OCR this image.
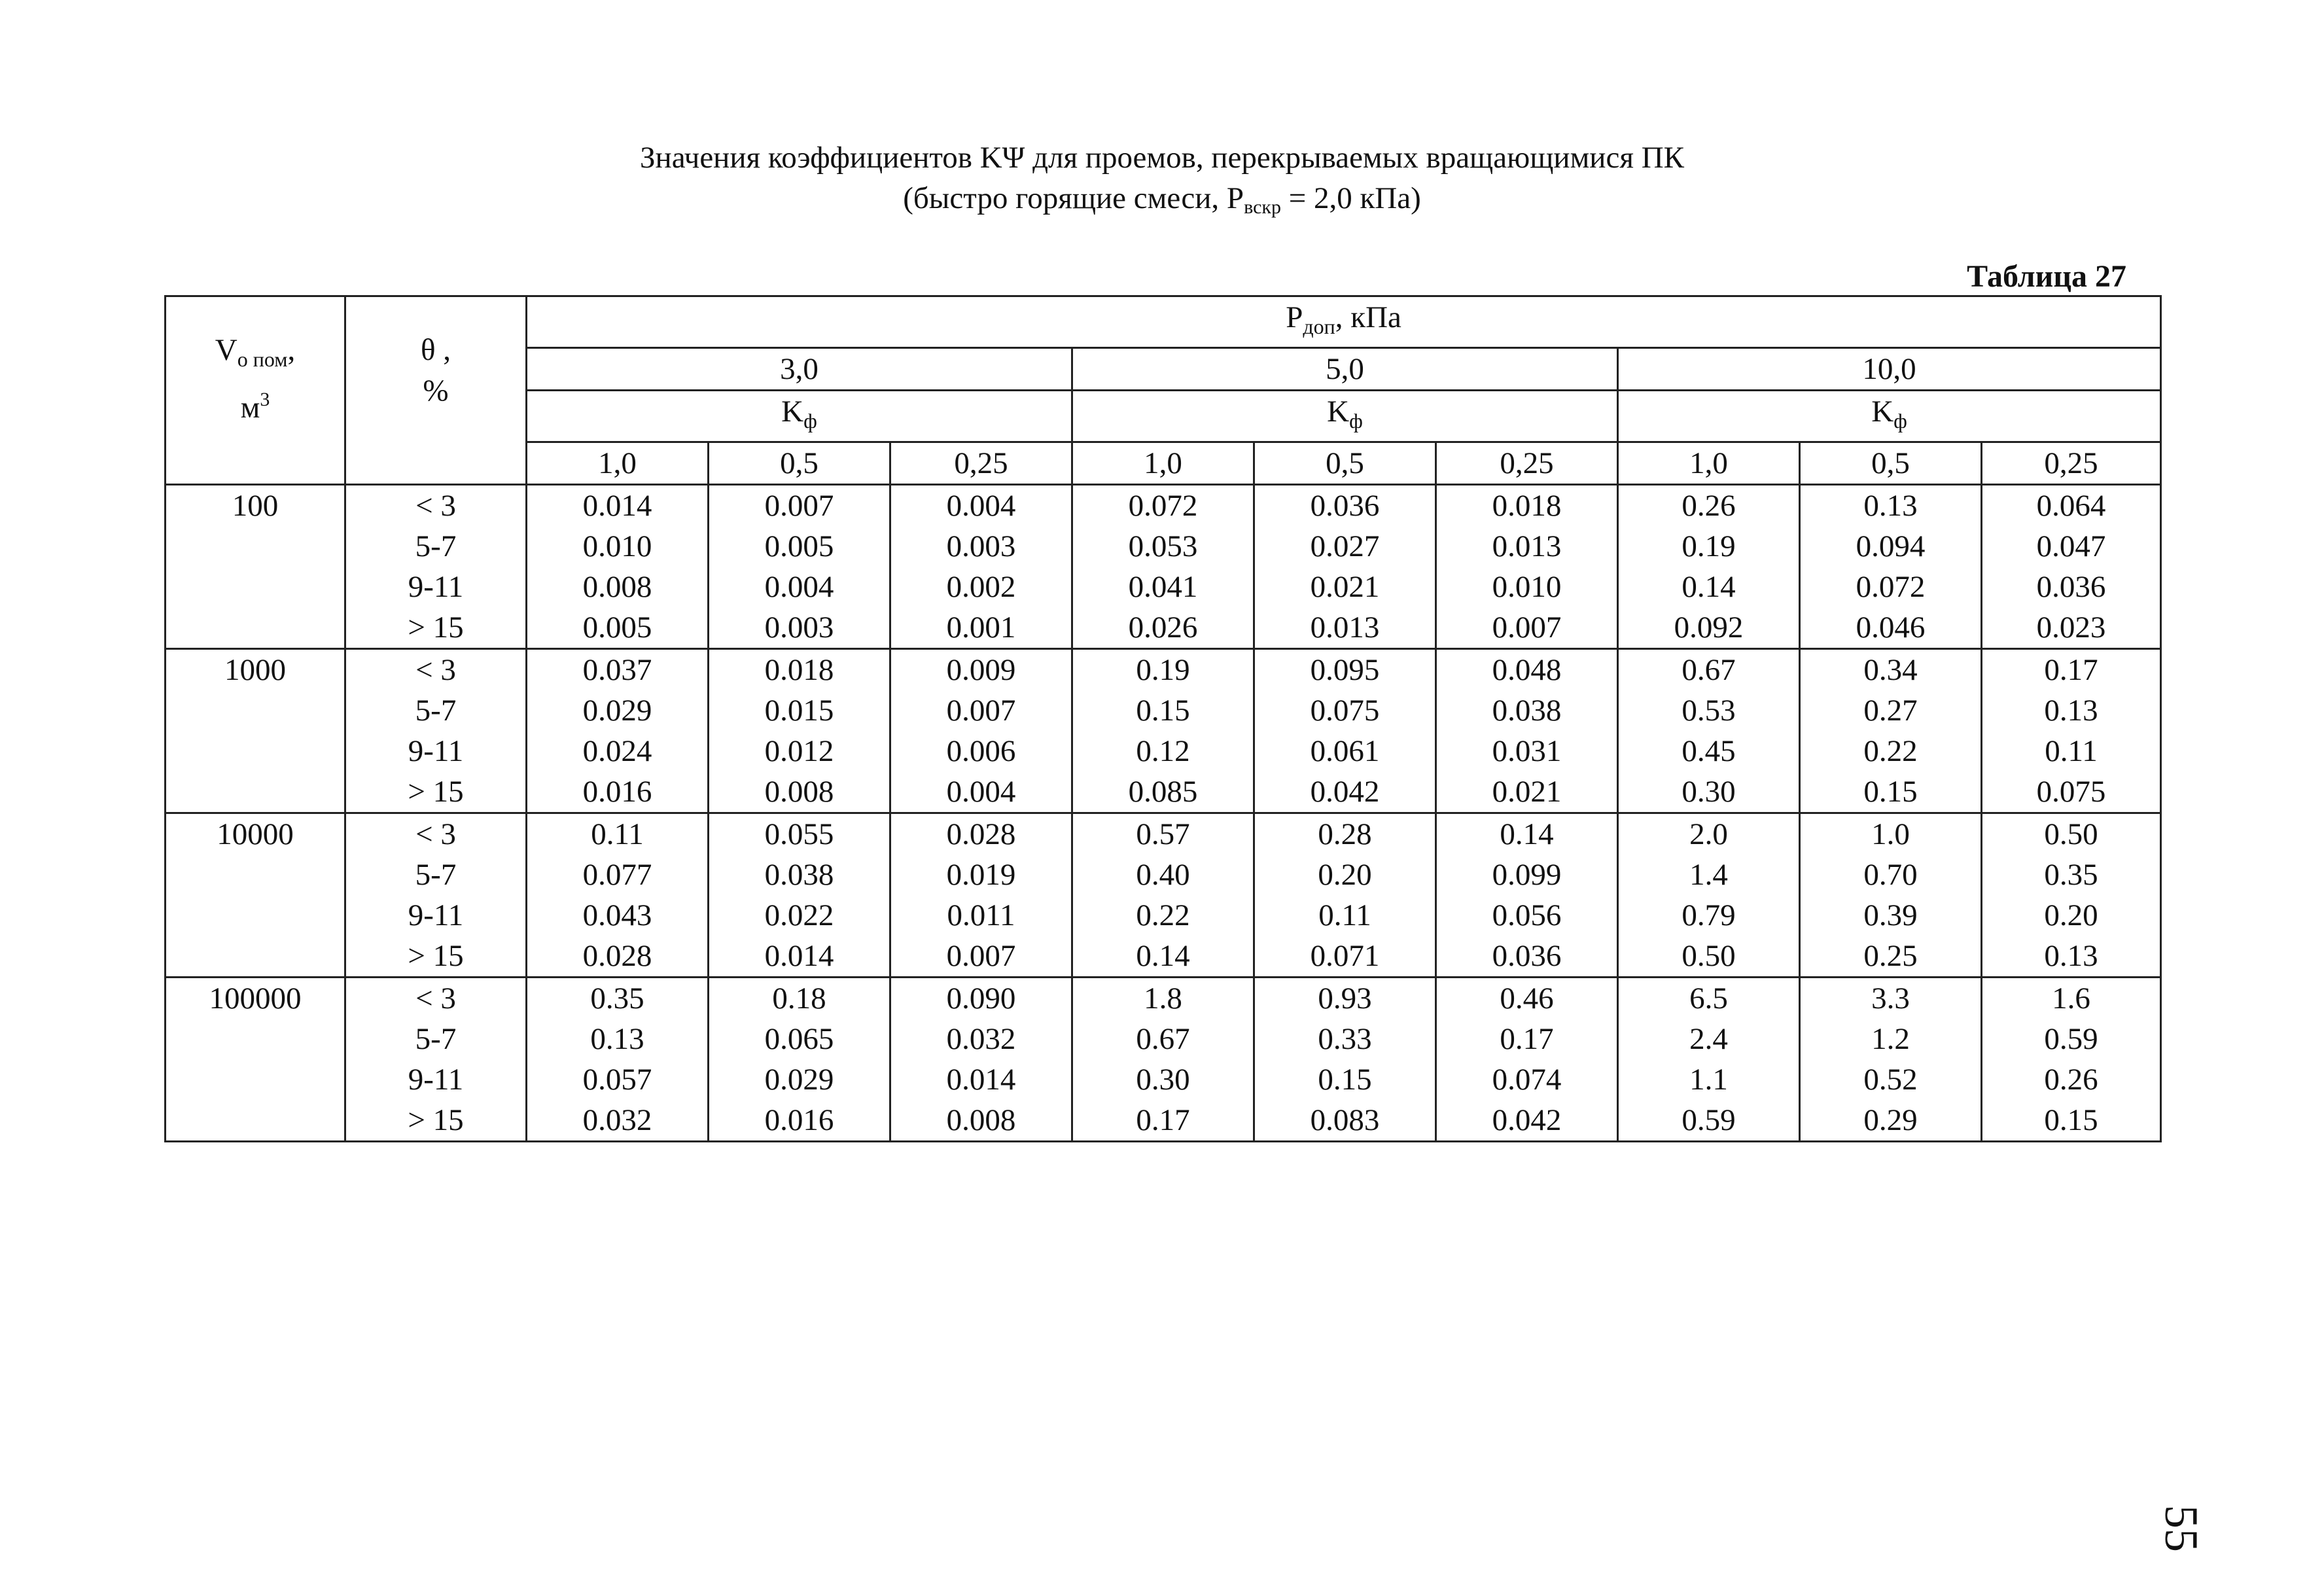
Значения коэффициентов KΨ для проемов, перекрываемых вращающимися ПК
(быстро горящие смеси, Pвскр = 2,0 кПа)
Таблица 27
$V_{о пом}$,
$м^3$	θ ,
%	$P_{доп}$, кПа								
		3,0			5,0			10,0		
		$K_ф$			$K_ф$			$K_ф$
		1,0	0,5	0,25	1,0	0,5	0,25	1,0	0,5	0,25
100	< 3	0.014	0.007	0.004	0.072	0.036	0.018	0.26	0.13	0.064
	5-7	0.010	0.005	0.003	0.053	0.027	0.013	0.19	0.094	0.047
	9-11	0.008	0.004	0.002	0.041	0.021	0.010	0.14	0.072	0.036
	> 15	0.005	0.003	0.001	0.026	0.013	0.007	0.092	0.046	0.023
1000	< 3	0.037	0.018	0.009	0.19	0.095	0.048	0.67	0.34	0.17
	5-7	0.029	0.015	0.007	0.15	0.075	0.038	0.53	0.27	0.13
	9-11	0.024	0.012	0.006	0.12	0.061	0.031	0.45	0.22	0.11
	> 15	0.016	0.008	0.004	0.085	0.042	0.021	0.30	0.15	0.075
10000	< 3	0.11	0.055	0.028	0.57	0.28	0.14	2.0	1.0	0.50
	5-7	0.077	0.038	0.019	0.40	0.20	0.099	1.4	0.70	0.35
	9-11	0.043	0.022	0.011	0.22	0.11	0.056	0.79	0.39	0.20
	> 15	0.028	0.014	0.007	0.14	0.071	0.036	0.50	0.25	0.13
100000	< 3	0.35	0.18	0.090	1.8	0.93	0.46	6.5	3.3	1.6
	5-7	0.13	0.065	0.032	0.67	0.33	0.17	2.4	1.2	0.59
	9-11	0.057	0.029	0.014	0.30	0.15	0.074	1.1	0.52	0.26
	> 15	0.032	0.016	0.008	0.17	0.083	0.042	0.59	0.29	0.15
55
